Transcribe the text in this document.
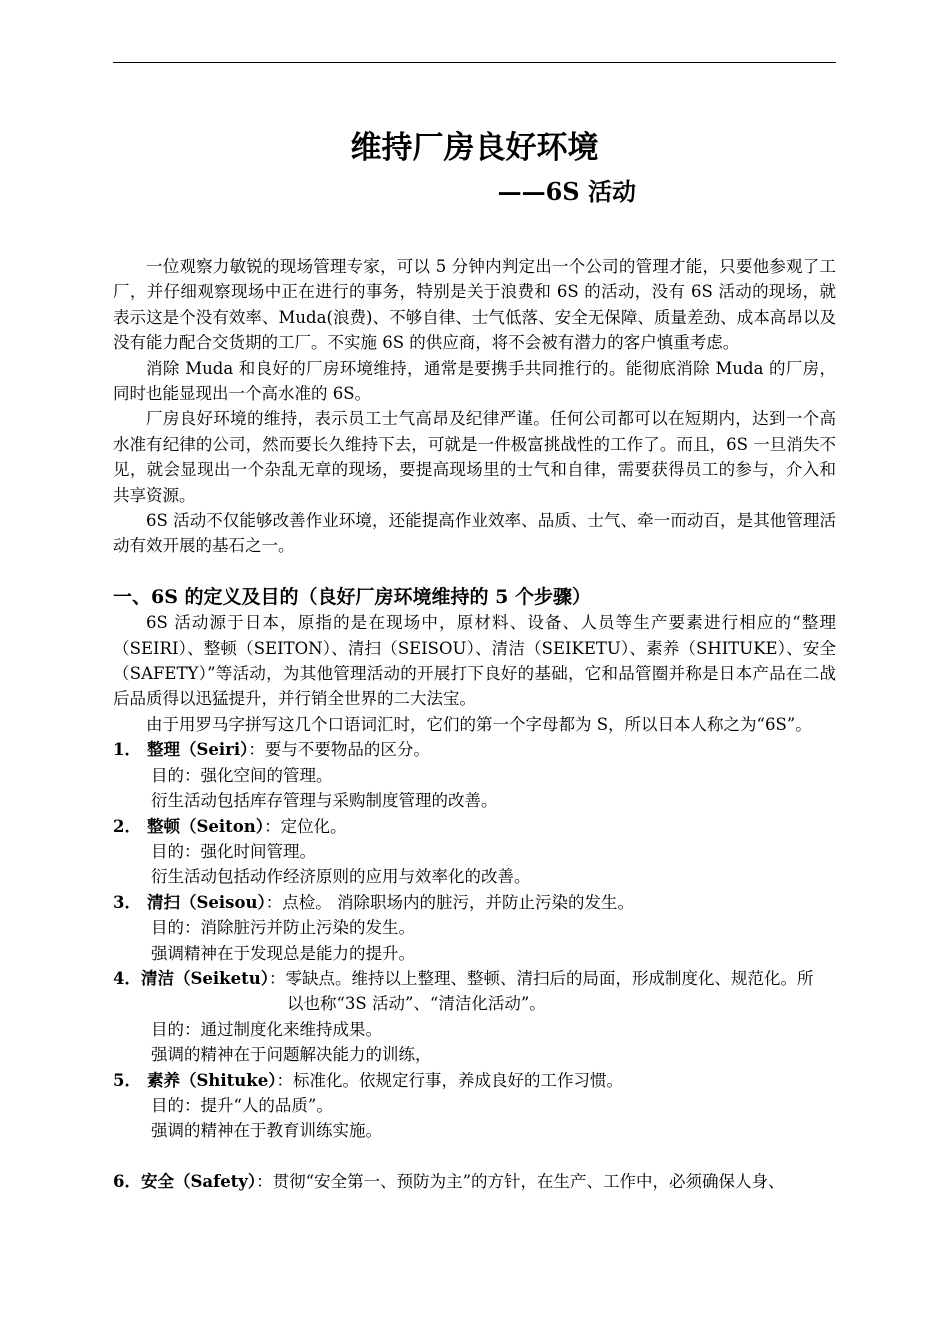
维持厂房良好环境
——6S 活动

一位观察力敏锐的现场管理专家，可以 5 分钟内判定出一个公司的管理才能，只要他参观了工厂，并仔细观察现场中正在进行的事务，特别是关于浪费和 6S 的活动，没有 6S 活动的现场，就表示这是个没有效率、Muda(浪费)、不够自律、士气低落、安全无保障、质量差劲、成本高昂以及没有能力配合交货期的工厂。不实施 6S 的供应商，将不会被有潜力的客户慎重考虑。

消除 Muda 和良好的厂房环境维持，通常是要携手共同推行的。能彻底消除 Muda 的厂房，同时也能显现出一个高水准的 6S。

厂房良好环境的维持，表示员工士气高昂及纪律严谨。任何公司都可以在短期内，达到一个高水准有纪律的公司，然而要长久维持下去，可就是一件极富挑战性的工作了。而且，6S 一旦消失不见，就会显现出一个杂乱无章的现场，要提高现场里的士气和自律，需要获得员工的参与，介入和共享资源。

6S 活动不仅能够改善作业环境，还能提高作业效率、品质、士气、牵一而动百，是其他管理活动有效开展的基石之一。

一、6S 的定义及目的（良好厂房环境维持的 5 个步骤）

6S 活动源于日本，原指的是在现场中，原材料、设备、人员等生产要素进行相应的“整理（SEIRI）、整顿（SEITON）、清扫（SEISOU）、清洁（SEIKETU）、素养（SHITUKE）、安全（SAFETY）”等活动，为其他管理活动的开展打下良好的基础，它和品管圈并称是日本产品在二战后品质得以迅猛提升，并行销全世界的二大法宝。

由于用罗马字拼写这几个口语词汇时，它们的第一个字母都为 S，所以日本人称之为“6S”。

1． 整理（Seiri）：要与不要物品的区分。

目的：强化空间的管理。

衍生活动包括库存管理与采购制度管理的改善。

2． 整顿（Seiton）：定位化。

目的：强化时间管理。

衍生活动包括动作经济原则的应用与效率化的改善。

3． 清扫（Seisou）：点检。 消除职场内的脏污，并防止污染的发生。

目的：消除脏污并防止污染的发生。

强调精神在于发现总是能力的提升。

4．清洁（Seiketu）：零缺点。维持以上整理、整顿、清扫后的局面，形成制度化、规范化。所

以也称“3S 活动”、“清洁化活动”。

目的：通过制度化来维持成果。

强调的精神在于问题解决能力的训练，

5． 素养（Shituke）：标准化。依规定行事，养成良好的工作习惯。

目的：提升“人的品质”。

强调的精神在于教育训练实施。

6．安全（Safety）：贯彻“安全第一、预防为主”的方针，在生产、工作中，必须确保人身、
